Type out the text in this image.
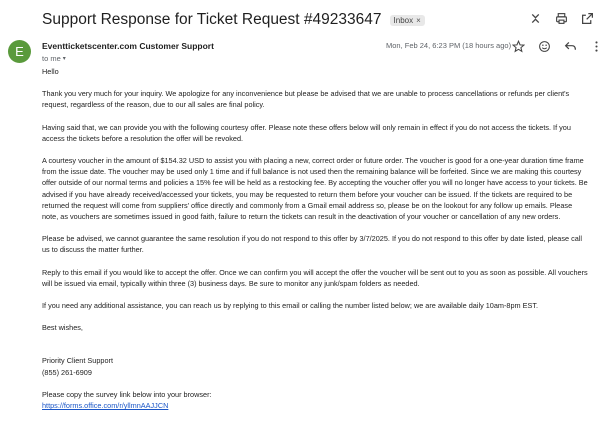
Support Response for Ticket Request #49233647 Inbox ×
E	Eventticketscenter.com Customer Support
to me ▾
Mon, Feb 24, 6:23 PM (18 hours ago)

Hello

Thank you very much for your inquiry. We apologize for any inconvenience but please be advised that we are unable to process cancellations or refunds per client's request, regardless of the reason, due to our all sales are final policy.

Having said that, we can provide you with the following courtesy offer. Please note these offers below will only remain in effect if you do not access the tickets. If you access the tickets before a resolution the offer will be revoked.

A courtesy voucher in the amount of $154.32 USD to assist you with placing a new, correct order or future order. The voucher is good for a one-year duration time frame from the issue date. The voucher may be used only 1 time and if full balance is not used then the remaining balance will be forfeited. Since we are making this courtesy offer outside of our normal terms and policies a 15% fee will be held as a restocking fee. By accepting the voucher offer you will no longer have access to your tickets. Be advised if you have already received/accessed your tickets, you may be requested to return them before your voucher can be issued. If the tickets are required to be returned the request will come from suppliers' office directly and commonly from a Gmail email address so, please be on the lookout for any follow up emails. Please note, as vouchers are sometimes issued in good faith, failure to return the tickets can result in the deactivation of your voucher or cancellation of any new orders.

Please be advised, we cannot guarantee the same resolution if you do not respond to this offer by 3/7/2025. If you do not respond to this offer by date listed, please call us to discuss the matter further.

Reply to this email if you would like to accept the offer. Once we can confirm you will accept the offer the voucher will be sent out to you as soon as possible. All vouchers will be issued via email, typically within three (3) business days. Be sure to monitor any junk/spam folders as needed.

If you need any additional assistance, you can reach us by replying to this email or calling the number listed below; we are available daily 10am-8pm EST.

Best wishes,

Priority Client Support

(855) 261-6909

Please copy the survey link below into your browser:

https://forms.office.com/r/yllmnAAJJCN
